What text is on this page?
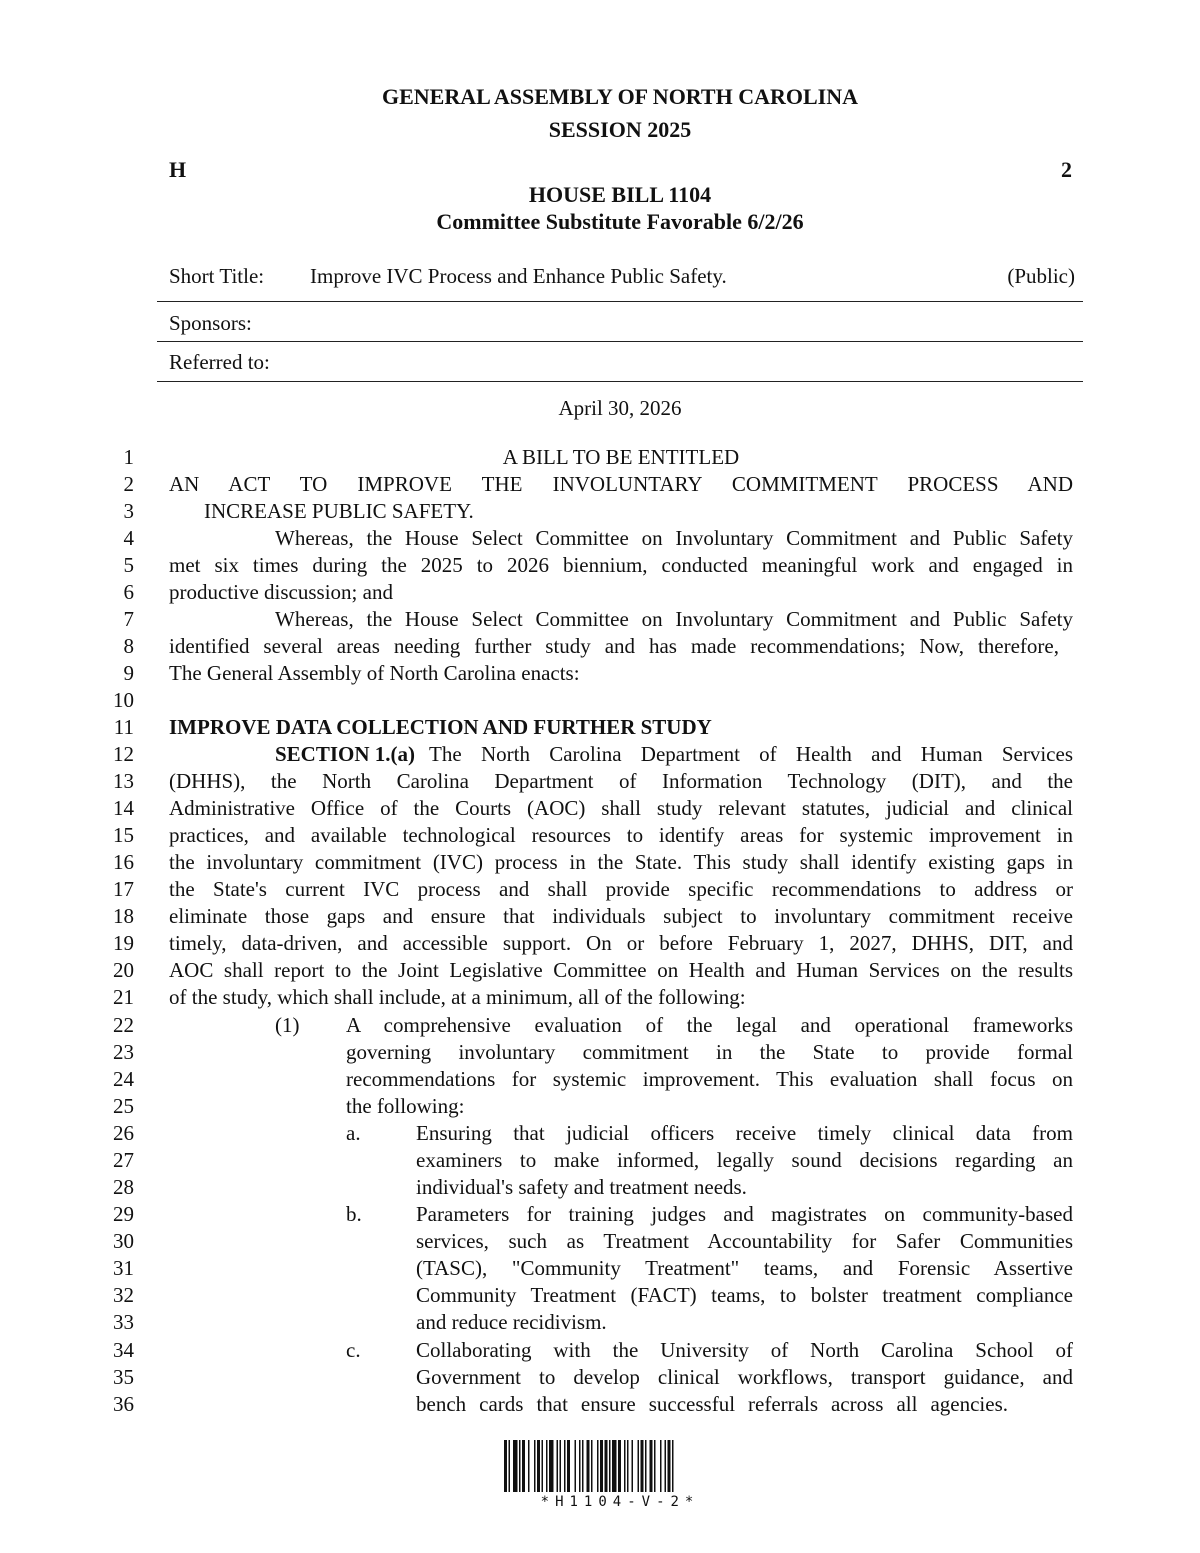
GENERAL ASSEMBLY OF NORTH CAROLINA
SESSION 2025
H	2
HOUSE BILL 1104
Committee Substitute Favorable 6/2/26
Short Title: Improve IVC Process and Enhance Public Safety.	(Public)
Sponsors:
Referred to:
April 30, 2026
1
2
3
4
5
6
7
8
9
10
11
12
13
14
15
16
17
18
19
20
21
22
23
24
25
26
27
28
29
30
31
32
33
34
35
36
A BILL TO BE ENTITLED
AN ACT TO IMPROVE THE INVOLUNTARY COMMITMENT PROCESS AND
INCREASE PUBLIC SAFETY.
Whereas, the House Select Committee on Involuntary Commitment and Public Safety
met six times during the 2025 to 2026 biennium, conducted meaningful work and engaged in
productive discussion; and
Whereas, the House Select Committee on Involuntary Commitment and Public Safety
identified several areas needing further study and has made recommendations; Now, therefore,
The General Assembly of North Carolina enacts:
IMPROVE DATA COLLECTION AND FURTHER STUDY
SECTION 1.(a) The North Carolina Department of Health and Human Services
(DHHS), the North Carolina Department of Information Technology (DIT), and the
Administrative Office of the Courts (AOC) shall study relevant statutes, judicial and clinical
practices, and available technological resources to identify areas for systemic improvement in
the involuntary commitment (IVC) process in the State. This study shall identify existing gaps in
the State's current IVC process and shall provide specific recommendations to address or
eliminate those gaps and ensure that individuals subject to involuntary commitment receive
timely, data-driven, and accessible support. On or before February 1, 2027, DHHS, DIT, and
AOC shall report to the Joint Legislative Committee on Health and Human Services on the results
of the study, which shall include, at a minimum, all of the following:
(1) A comprehensive evaluation of the legal and operational frameworks
governing involuntary commitment in the State to provide formal
recommendations for systemic improvement. This evaluation shall focus on
the following:
a.	Ensuring that judicial officers receive timely clinical data from
examiners to make informed, legally sound decisions regarding an
individual's safety and treatment needs.
b.	Parameters for training judges and magistrates on community-based
services, such as Treatment Accountability for Safer Communities
(TASC), "Community Treatment" teams, and Forensic Assertive
Community Treatment (FACT) teams, to bolster treatment compliance
and reduce recidivism.
c.	Collaborating with the University of North Carolina School of
Government to develop clinical workflows, transport guidance, and
bench cards that ensure successful referrals across all agencies.
*H1104-V-2*
